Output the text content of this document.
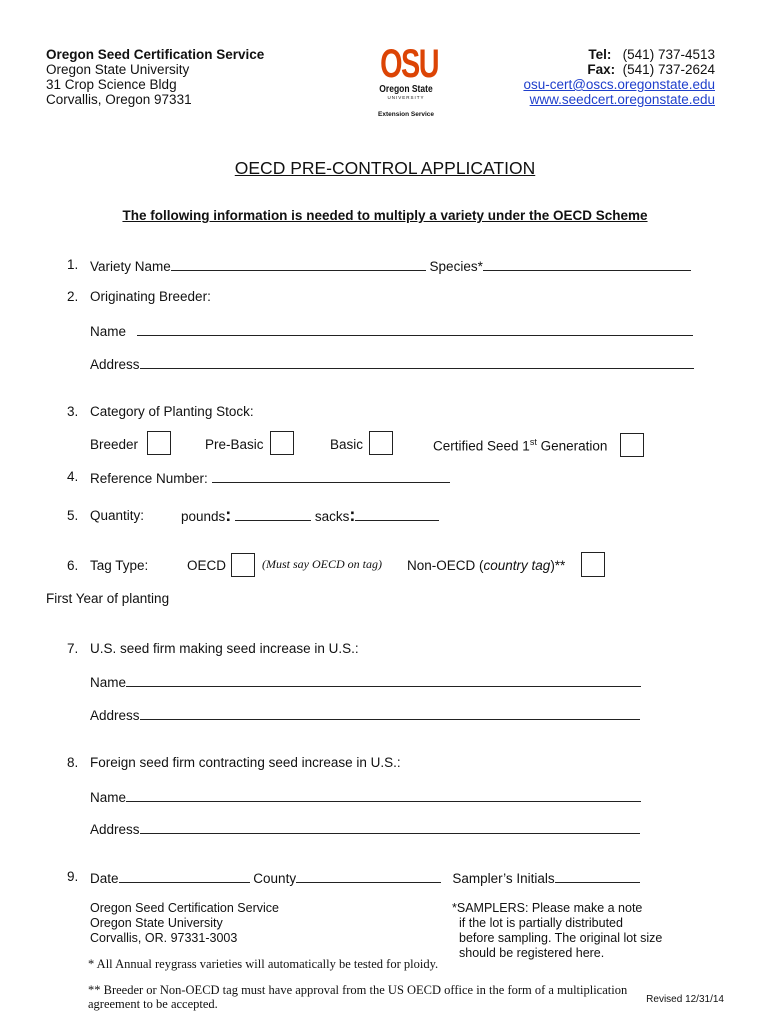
Oregon Seed Certification Service
Oregon State University
31 Crop Science Bldg
Corvallis, Oregon 97331
OSU
Oregon State
UNIVERSITY
Extension Service
Tel: (541) 737-4513
Fax: (541) 737-2624
osu-cert@oscs.oregonstate.edu
www.seedcert.oregonstate.edu
OECD PRE-CONTROL APPLICATION
The following information is needed to multiply a variety under the OECD Scheme
1. Variety Name	Species*
2. Originating Breeder:
Name
Address
3. Category of Planting Stock:
Breeder	Pre-Basic	Basic	Certified Seed 1st Generation
4. Reference Number:
5. Quantity:	pounds:	sacks:
6. Tag Type:	OECD	(Must say OECD on tag) Non-OECD (country tag)**
First Year of planting
7. U.S. seed firm making seed increase in U.S.:
Name
Address
8. Foreign seed firm contracting seed increase in U.S.:
Name
Address
9. Date	County	Sampler’s Initials
Oregon Seed Certification Service
Oregon State University
Corvallis, OR. 97331-3003
*SAMPLERS: Please make a note
if the lot is partially distributed
before sampling. The original lot size
should be registered here.
* All Annual reygrass varieties will automatically be tested for ploidy.
** Breeder or Non-OECD tag must have approval from the US OECD office in the form of a multiplication
agreement to be accepted.	Revised 12/31/14
